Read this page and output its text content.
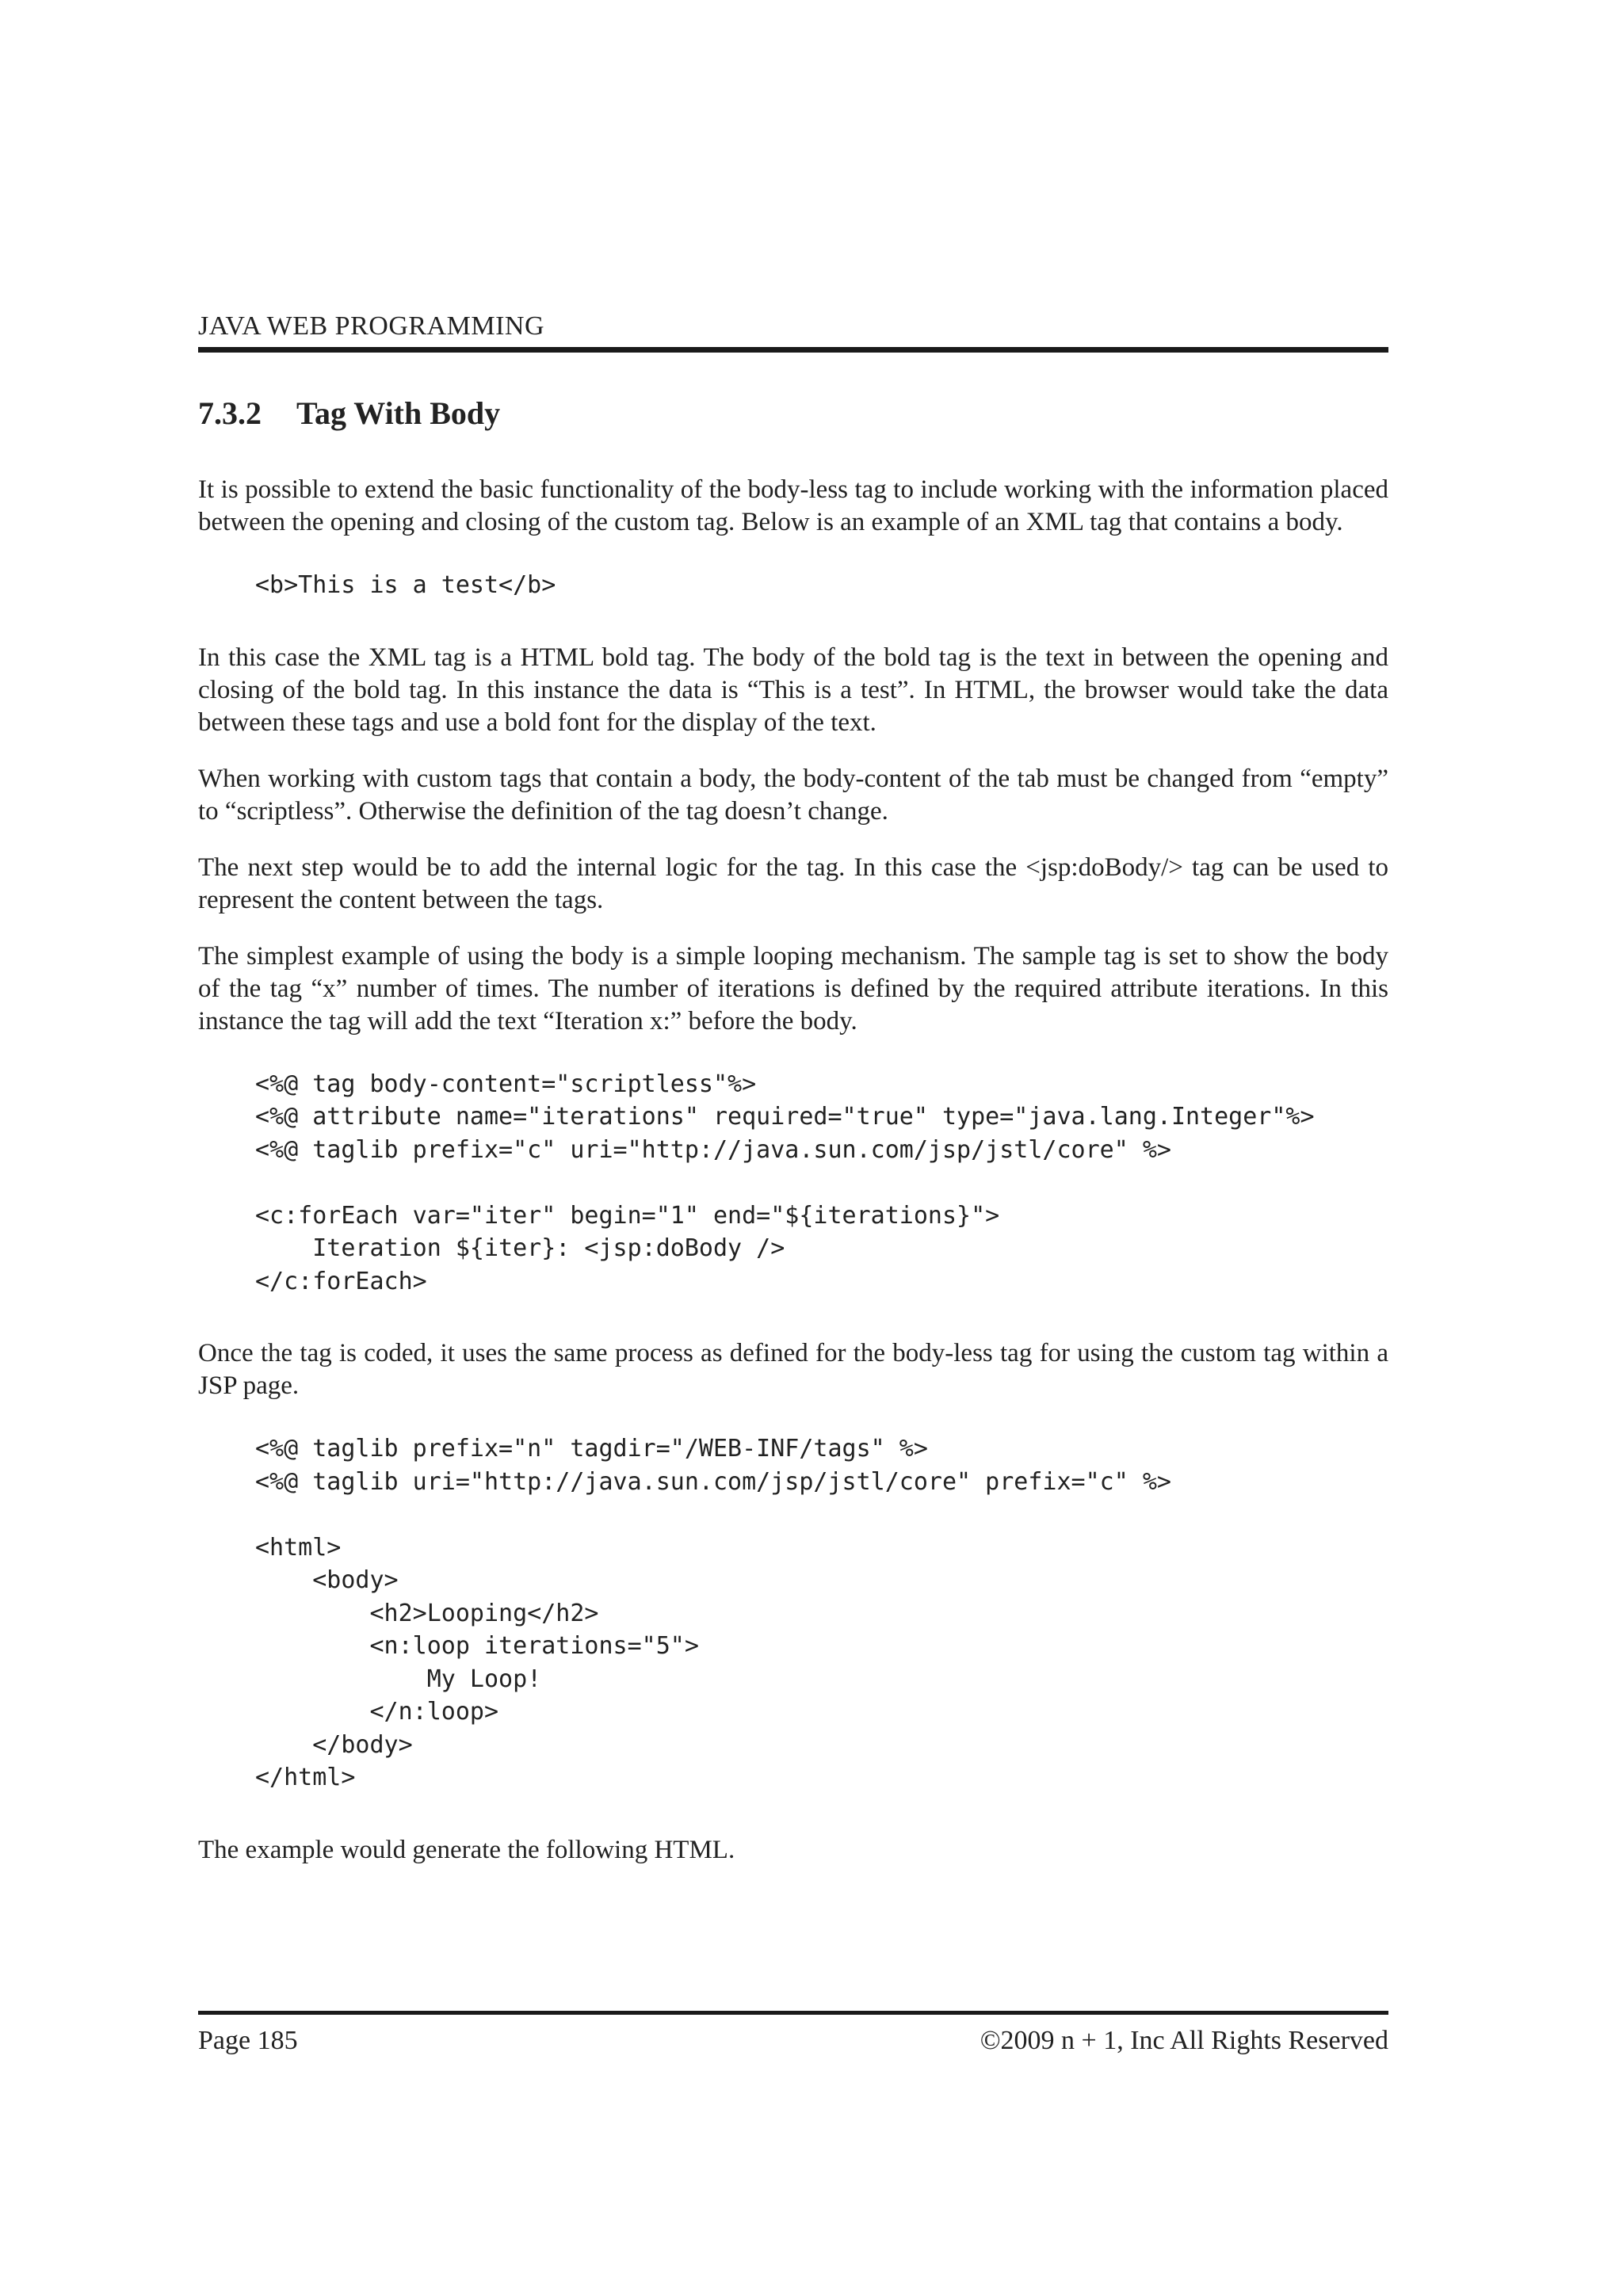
JAVA WEB PROGRAMMING
7.3.2 Tag With Body

It is possible to extend the basic functionality of the body-less tag to include working with the information placed between the opening and closing of the custom tag. Below is an example of an XML tag that contains a body.

<b>This is a test</b>

In this case the XML tag is a HTML bold tag. The body of the bold tag is the text in between the opening and closing of the bold tag. In this instance the data is “This is a test”. In HTML, the browser would take the data between these tags and use a bold font for the display of the text.

When working with custom tags that contain a body, the body-content of the tab must be changed from “empty” to “scriptless”. Otherwise the definition of the tag doesn’t change.

The next step would be to add the internal logic for the tag. In this case the <jsp:doBody/> tag can be used to represent the content between the tags.

The simplest example of using the body is a simple looping mechanism. The sample tag is set to show the body of the tag “x” number of times. The number of iterations is defined by the required attribute iterations. In this instance the tag will add the text “Iteration x:” before the body.

<%@ tag body-content="scriptless"%>
<%@ attribute name="iterations" required="true" type="java.lang.Integer"%>
<%@ taglib prefix="c" uri="http://java.sun.com/jsp/jstl/core" %>

<c:forEach var="iter" begin="1" end="${iterations}">
Iteration ${iter}: <jsp:doBody />
</c:forEach>

Once the tag is coded, it uses the same process as defined for the body-less tag for using the custom tag within a JSP page.

<%@ taglib prefix="n" tagdir="/WEB-INF/tags" %>
<%@ taglib uri="http://java.sun.com/jsp/jstl/core" prefix="c" %>

<html>
<body>
<h2>Looping</h2>
<n:loop iterations="5">
My Loop!
</n:loop>
</body>
</html>

The example would generate the following HTML.

Page 185	©2009 n + 1, Inc All Rights Reserved
